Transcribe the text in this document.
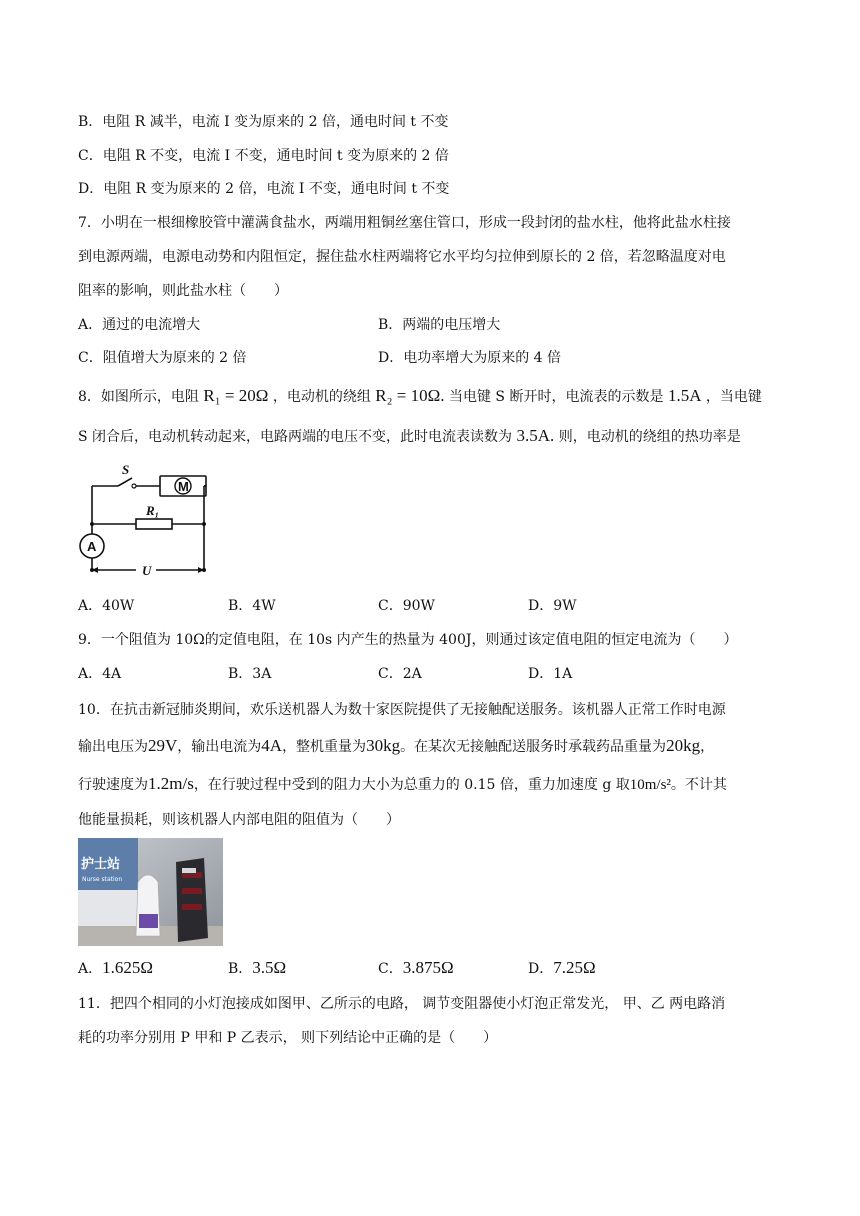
B．电阻 R 减半，电流 I 变为原来的 2 倍，通电时间 t 不变
C．电阻 R 不变，电流 I 不变，通电时间 t 变为原来的 2 倍
D．电阻 R 变为原来的 2 倍，电流 I 不变，通电时间 t 不变
7．小明在一根细橡胶管中灌满食盐水，两端用粗铜丝塞住管口，形成一段封闭的盐水柱，他将此盐水柱接
到电源两端，电源电动势和内阻恒定，握住盐水柱两端将它水平均匀拉伸到原长的 2 倍，若忽略温度对电
阻率的影响，则此盐水柱（　　）
A．通过的电流增大	B．两端的电压增大
C．阻值增大为原来的 2 倍	D．电功率增大为原来的 4 倍
8．如图所示，电阻 R₁ = 20Ω ，电动机的绕组 R₂ = 10Ω. 当电键 S 断开时，电流表的示数是 1.5A ，当电键
S 闭合后，电动机转动起来，电路两端的电压不变，此时电流表读数为 3.5A. 则，电动机的绕组的热功率是
M
S
R₁
A
U
A．40W	B．4W	C．90W	D．9W
9．一个阻值为 10Ω的定值电阻，在 10s 内产生的热量为 400J，则通过该定值电阻的恒定电流为（　　）
A．4A	B．3A	C．2A	D．1A
10．在抗击新冠肺炎期间，欢乐送机器人为数十家医院提供了无接触配送服务。该机器人正常工作时电源
输出电压为29V，输出电流为4A，整机重量为30kg。在某次无接触配送服务时承载药品重量为20kg，
行驶速度为1.2m/s，在行驶过程中受到的阻力大小为总重力的 0.15 倍，重力加速度 g 取10m/s²。不计其
他能量损耗，则该机器人内部电阻的阻值为（　　）
护士站
Nurse station
A．1.625Ω	B．3.5Ω	C．3.875Ω	D．7.25Ω
11．把四个相同的小灯泡接成如图甲、乙所示的电路， 调节变阻器使小灯泡正常发光， 甲、乙 两电路消
耗的功率分别用 P 甲和 P 乙表示， 则下列结论中正确的是（　　）
